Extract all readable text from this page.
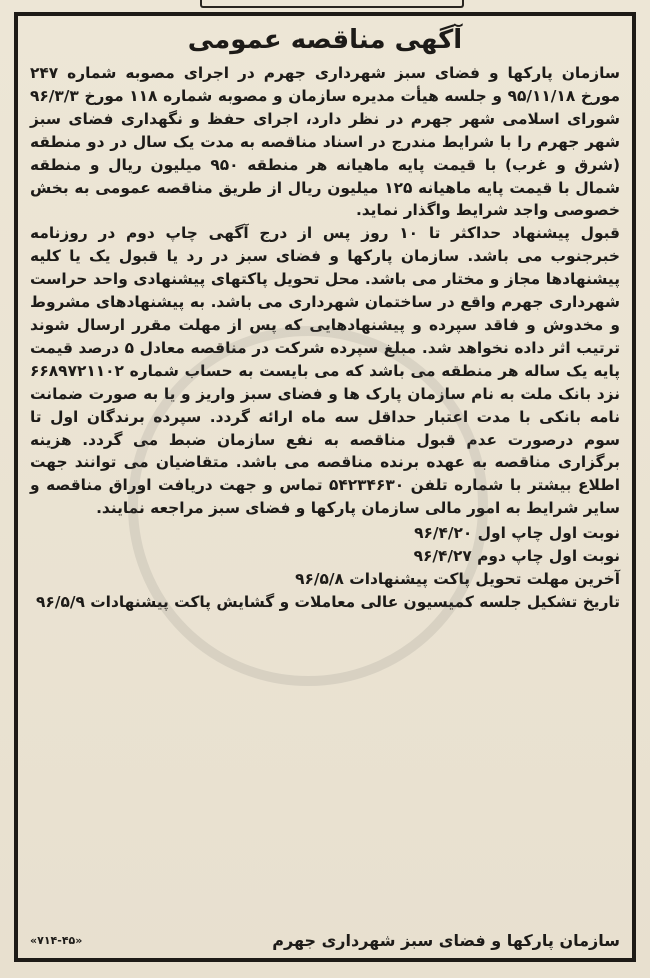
آگهی مناقصه عمومی

سازمان پارکها و فضای سبز شهرداری جهرم در اجرای مصوبه شماره ۲۴۷ مورخ ۹۵/۱۱/۱۸ و جلسه هیأت مدیره سازمان و مصوبه شماره ۱۱۸ مورخ ۹۶/۳/۳ شورای اسلامی شهر جهرم در نظر دارد، اجرای حفظ و نگهداری فضای سبز شهر جهرم را با شرایط مندرج در اسناد مناقصه به مدت یک سال در دو منطقه (شرق و غرب) با قیمت پایه ماهیانه هر منطقه ۹۵۰ میلیون ریال و منطقه شمال با قیمت پایه ماهیانه ۱۲۵ میلیون ریال از طریق مناقصه عمومی به بخش خصوصی واجد شرایط واگذار نماید.

قبول پیشنهاد حداکثر تا ۱۰ روز پس از درج آگهی چاپ دوم در روزنامه خبرجنوب می باشد. سازمان پارکها و فضای سبز در رد یا قبول یک یا کلیه پیشنهادها مجاز و مختار می باشد. محل تحویل پاکتهای پیشنهادی واحد حراست شهرداری جهرم واقع در ساختمان شهرداری می باشد. به پیشنهادهای مشروط و مخدوش و فاقد سپرده و پیشنهادهایی که پس از مهلت مقرر ارسال شوند ترتیب اثر داده نخواهد شد. مبلغ سپرده شرکت در مناقصه معادل ۵ درصد قیمت پایه یک ساله هر منطقه می باشد که می بایست به حساب شماره ۶۶۸۹۷۲۱۱۰۲ نزد بانک ملت به نام سازمان پارک ها و فضای سبز واریز و یا به صورت ضمانت نامه بانکی با مدت اعتبار حداقل سه ماه ارائه گردد. سپرده برندگان اول تا سوم درصورت عدم قبول مناقصه به نفع سازمان ضبط می گردد. هزینه برگزاری مناقصه به عهده برنده مناقصه می باشد. متقاضیان می توانند جهت اطلاع بیشتر با شماره تلفن ۵۴۲۳۴۶۳۰ تماس و جهت دریافت اوراق مناقصه و سایر شرایط به امور مالی سازمان پارکها و فضای سبز مراجعه نمایند.

نوبت اول چاپ اول ۹۶/۴/۲۰
نوبت اول چاپ دوم ۹۶/۴/۲۷
آخرین مهلت تحویل پاکت پیشنهادات ۹۶/۵/۸
تاریخ تشکیل جلسه کمیسیون عالی معاملات و گشایش پاکت پیشنهادات ۹۶/۵/۹
سازمان پارکها و فضای سبز شهرداری جهرم
«۷۱۴-۴۵»
